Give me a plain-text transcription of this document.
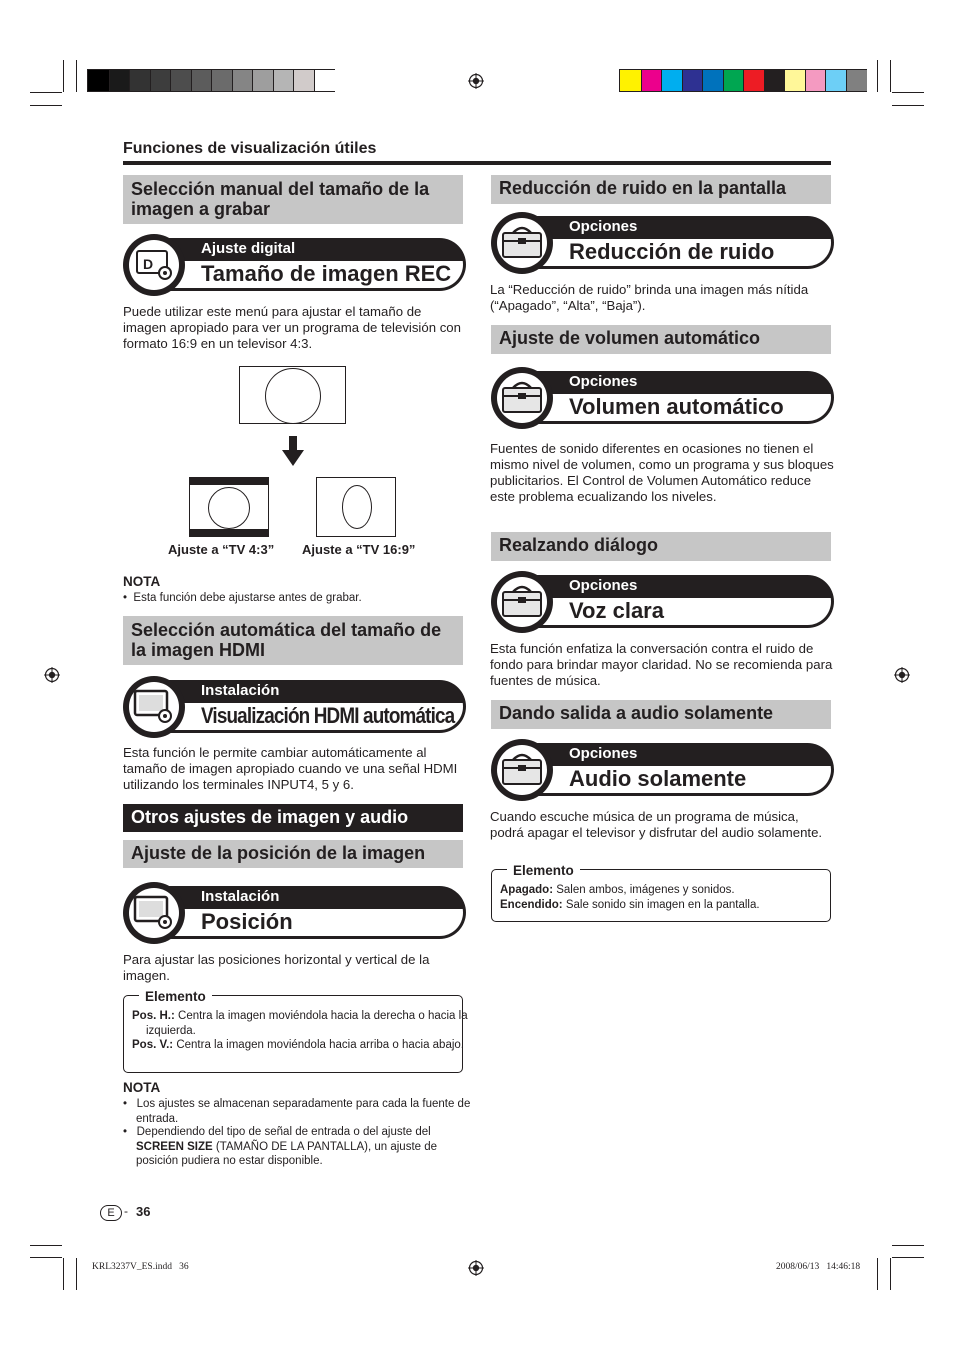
Funciones de visualización útiles
Selección manual del tamaño de la imagen a grabar
D
Ajuste digital
Tamaño de imagen REC
Puede utilizar este menú para ajustar el tamaño de imagen apropiado para ver un programa de televisión con formato 16:9 en un televisor 4:3.
Ajuste a “TV 4:3” Ajuste a “TV 16:9”
NOTA
•  Esta función debe ajustarse antes de grabar.
Selección automática del tamaño de la imagen HDMI
Instalación
Visualización HDMI automática
Esta función le permite cambiar automáticamente al tamaño de imagen apropiado cuando ve una señal HDMI utilizando los terminales INPUT4, 5 y 6.
Otros ajustes de imagen y audio
Ajuste de la posición de la imagen
Instalación
Posición
Para ajustar las posiciones horizontal y vertical de la imagen.
Elemento
Pos. H.: Centra la imagen moviéndola hacia la derecha o hacia la izquierda.
Pos. V.: Centra la imagen moviéndola hacia arriba o hacia abajo.
NOTA
•   Los ajustes se almacenan separadamente para cada la fuente de entrada.
•   Dependiendo del tipo de señal de entrada o del ajuste del SCREEN SIZE (TAMAÑO DE LA PANTALLA), un ajuste de posición pudiera no estar disponible.
Reducción de ruido en la pantalla
Opciones
Reducción de ruido
La “Reducción de ruido” brinda una imagen más nítida (“Apagado”, “Alta”, “Baja”).
Ajuste de volumen automático
Opciones
Volumen automático
Fuentes de sonido diferentes en ocasiones no tienen el mismo nivel de volumen, como un programa y sus bloques publicitarios. El Control de Volumen Automático reduce este problema ecualizando los niveles.
Realzando diálogo
Opciones
Voz clara
Esta función enfatiza la conversación contra el ruido de fondo para brindar mayor claridad. No se recomienda para fuentes de música.
Dando salida a audio solamente
Opciones
Audio solamente
Cuando escuche música de un programa de música, podrá apagar el televisor y disfrutar del audio solamente.
Elemento
Apagado: Salen ambos, imágenes y sonidos.
Encendido: Sale sonido sin imagen en la pantalla.
E - 36
KRL3237V_ES.indd   36	2008/06/13   14:46:18
